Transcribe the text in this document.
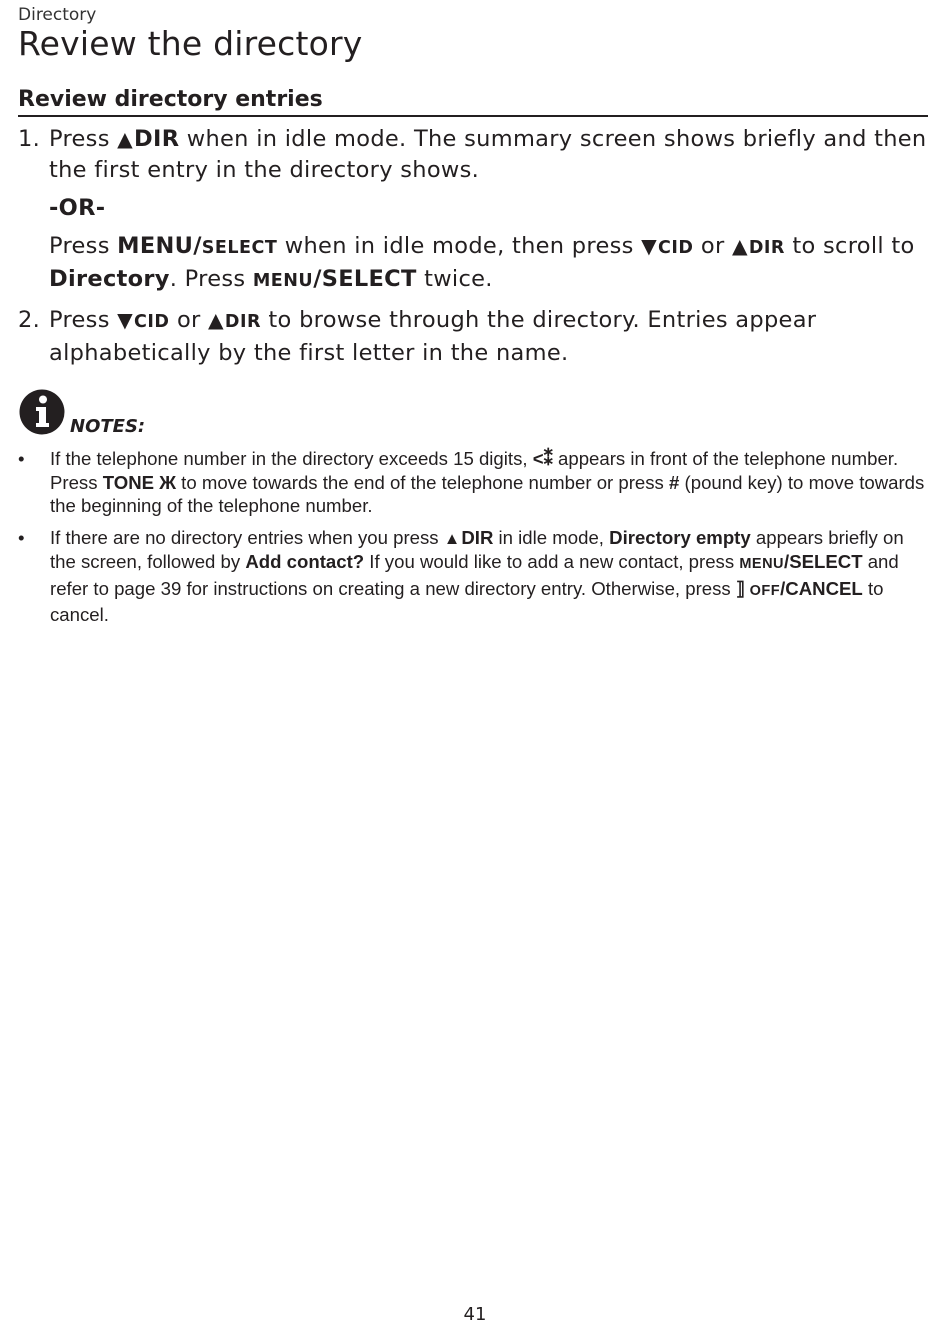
Directory
Review the directory
Review directory entries
1. Press ▲DIR when in idle mode. The summary screen shows briefly and then the first entry in the directory shows.

-OR-

Press MENU/SELECT when in idle mode, then press ▼CID or ▲DIR to scroll to Directory. Press MENU/SELECT twice.

2. Press ▼CID or ▲DIR to browse through the directory. Entries appear alphabetically by the first letter in the name.

NOTES:
• If the telephone number in the directory exceeds 15 digits, <⁑ appears in front of the telephone number. Press TONE Ж to move towards the end of the telephone number or press # (pound key) to move towards the beginning of the telephone number.
• If there are no directory entries when you press ▲DIR in idle mode, Directory empty appears briefly on the screen, followed by Add contact? If you would like to add a new contact, press MENU/SELECT and refer to page 39 for instructions on creating a new directory entry. Otherwise, press ⟧ OFF/CANCEL to cancel.
41
